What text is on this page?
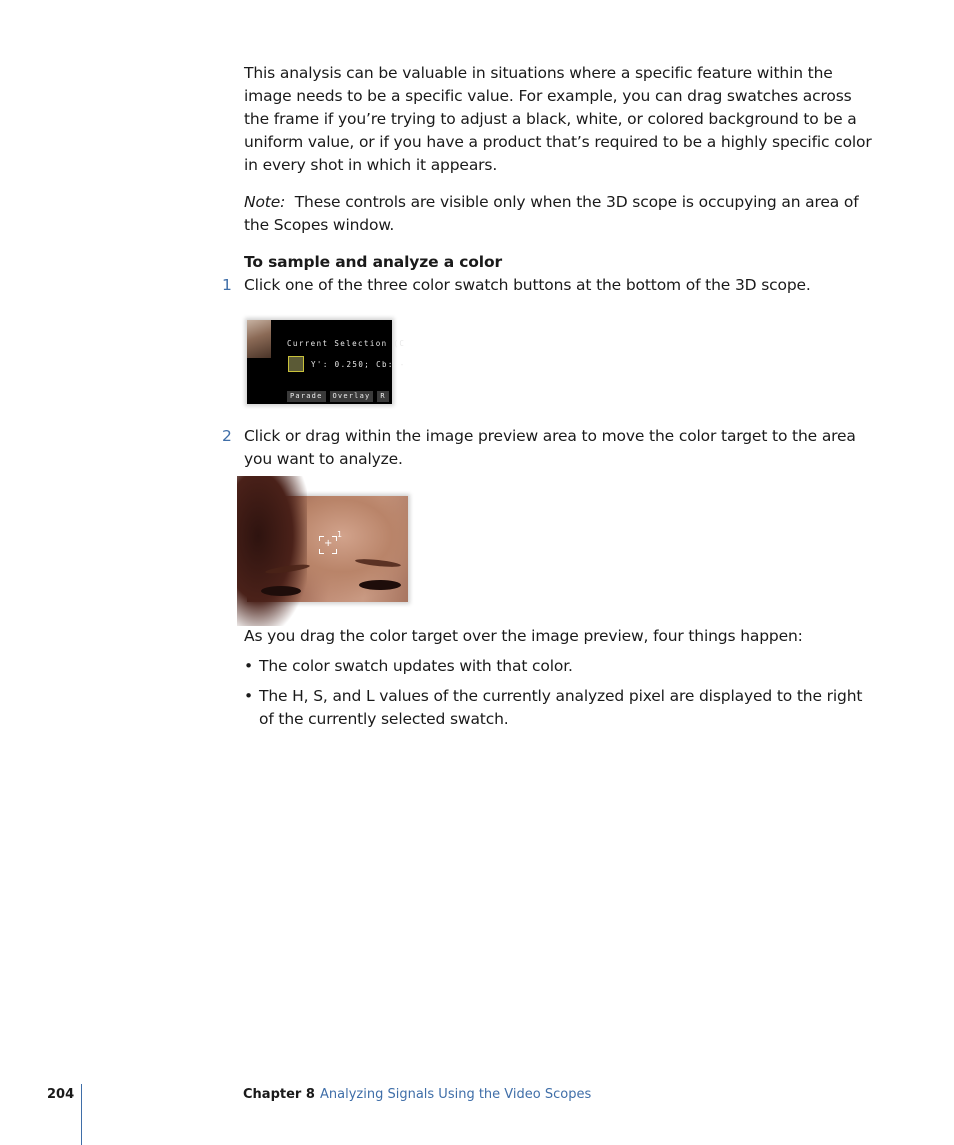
This analysis can be valuable in situations where a specific feature within the image needs to be a specific value. For example, you can drag swatches across the frame if you’re trying to adjust a black, white, or colored background to be a uniform value, or if you have a product that’s required to be a highly specific color in every shot in which it appears.

Note: These controls are visible only when the 3D scope is occupying an area of the Scopes window.

To sample and analyze a color

1 Click one of the three color swatch buttons at the bottom of the 3D scope.

Current Selection (C
Y': 0.250; Cb: -
Parade	Overlay	R
2 Click or drag within the image preview area to move the color target to the area you want to analyze.

+
1

As you drag the color target over the image preview, four things happen:

• The color swatch updates with that color.

• The H, S, and L values of the currently analyzed pixel are displayed to the right of the currently selected swatch.

204	Chapter 8 Analyzing Signals Using the Video Scopes
